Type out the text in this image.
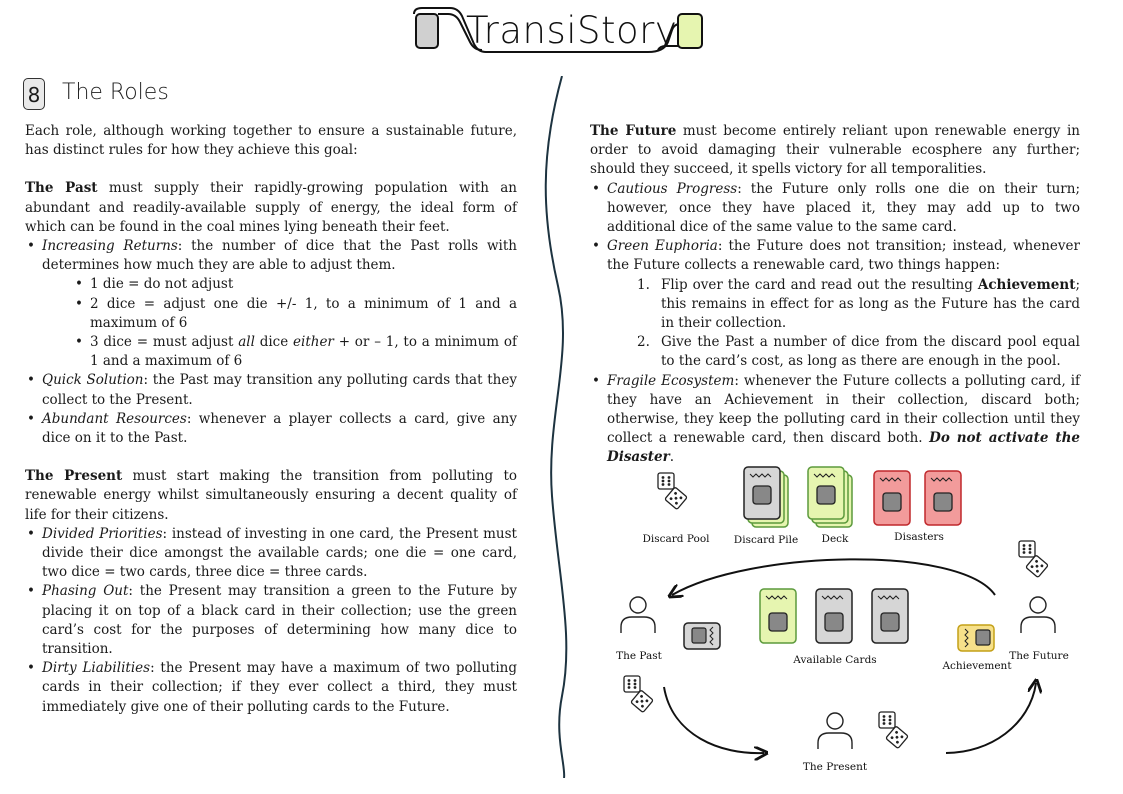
TransiStory
8 The Roles

Each role, although working together to ensure a sustainable future, has distinct rules for how they achieve this goal:

The Past must supply their rapidly-growing population with an abundant and readily-available supply of energy, the ideal form of which can be found in the coal mines lying beneath their feet.

• Increasing Returns: the number of dice that the Past rolls with determines how much they are able to adjust them.
• 1 die = do not adjust
• 2 dice = adjust one die +/- 1, to a minimum of 1 and a maximum of 6
• 3 dice = must adjust all dice either + or – 1, to a minimum of 1 and a maximum of 6
• Quick Solution: the Past may transition any polluting cards that they collect to the Present.
• Abundant Resources: whenever a player collects a card, give any dice on it to the Past.

The Present must start making the transition from polluting to renewable energy whilst simultaneously ensuring a decent quality of life for their citizens.

• Divided Priorities: instead of investing in one card, the Present must divide their dice amongst the available cards; one die = one card, two dice = two cards, three dice = three cards.
• Phasing Out: the Present may transition a green to the Future by placing it on top of a black card in their collection; use the green card’s cost for the purposes of determining how many dice to transition.
• Dirty Liabilities: the Present may have a maximum of two polluting cards in their collection; if they ever collect a third, they must immediately give one of their polluting cards to the Future.

The Future must become entirely reliant upon renewable energy in order to avoid damaging their vulnerable ecosphere any further; should they succeed, it spells victory for all temporalities.

• Cautious Progress: the Future only rolls one die on their turn; however, once they have placed it, they may add up to two additional dice of the same value to the same card.
• Green Euphoria: the Future does not transition; instead, whenever the Future collects a renewable card, two things happen:
Flip over the card and read out the resulting Achievement; this remains in effect for as long as the Future has the card in their collection.
Give the Past a number of dice from the discard pool equal to the card’s cost, as long as there are enough in the pool.
• Fragile Ecosystem: whenever the Future collects a polluting card, if they have an Achievement in their collection, discard both; otherwise, they keep the polluting card in their collection until they collect a renewable card, then discard both. Do not activate the Disaster.
Discard Pool	Discard Pile	Deck	Disasters
The Past	Available Cards	Achievement
The Future
The Present
